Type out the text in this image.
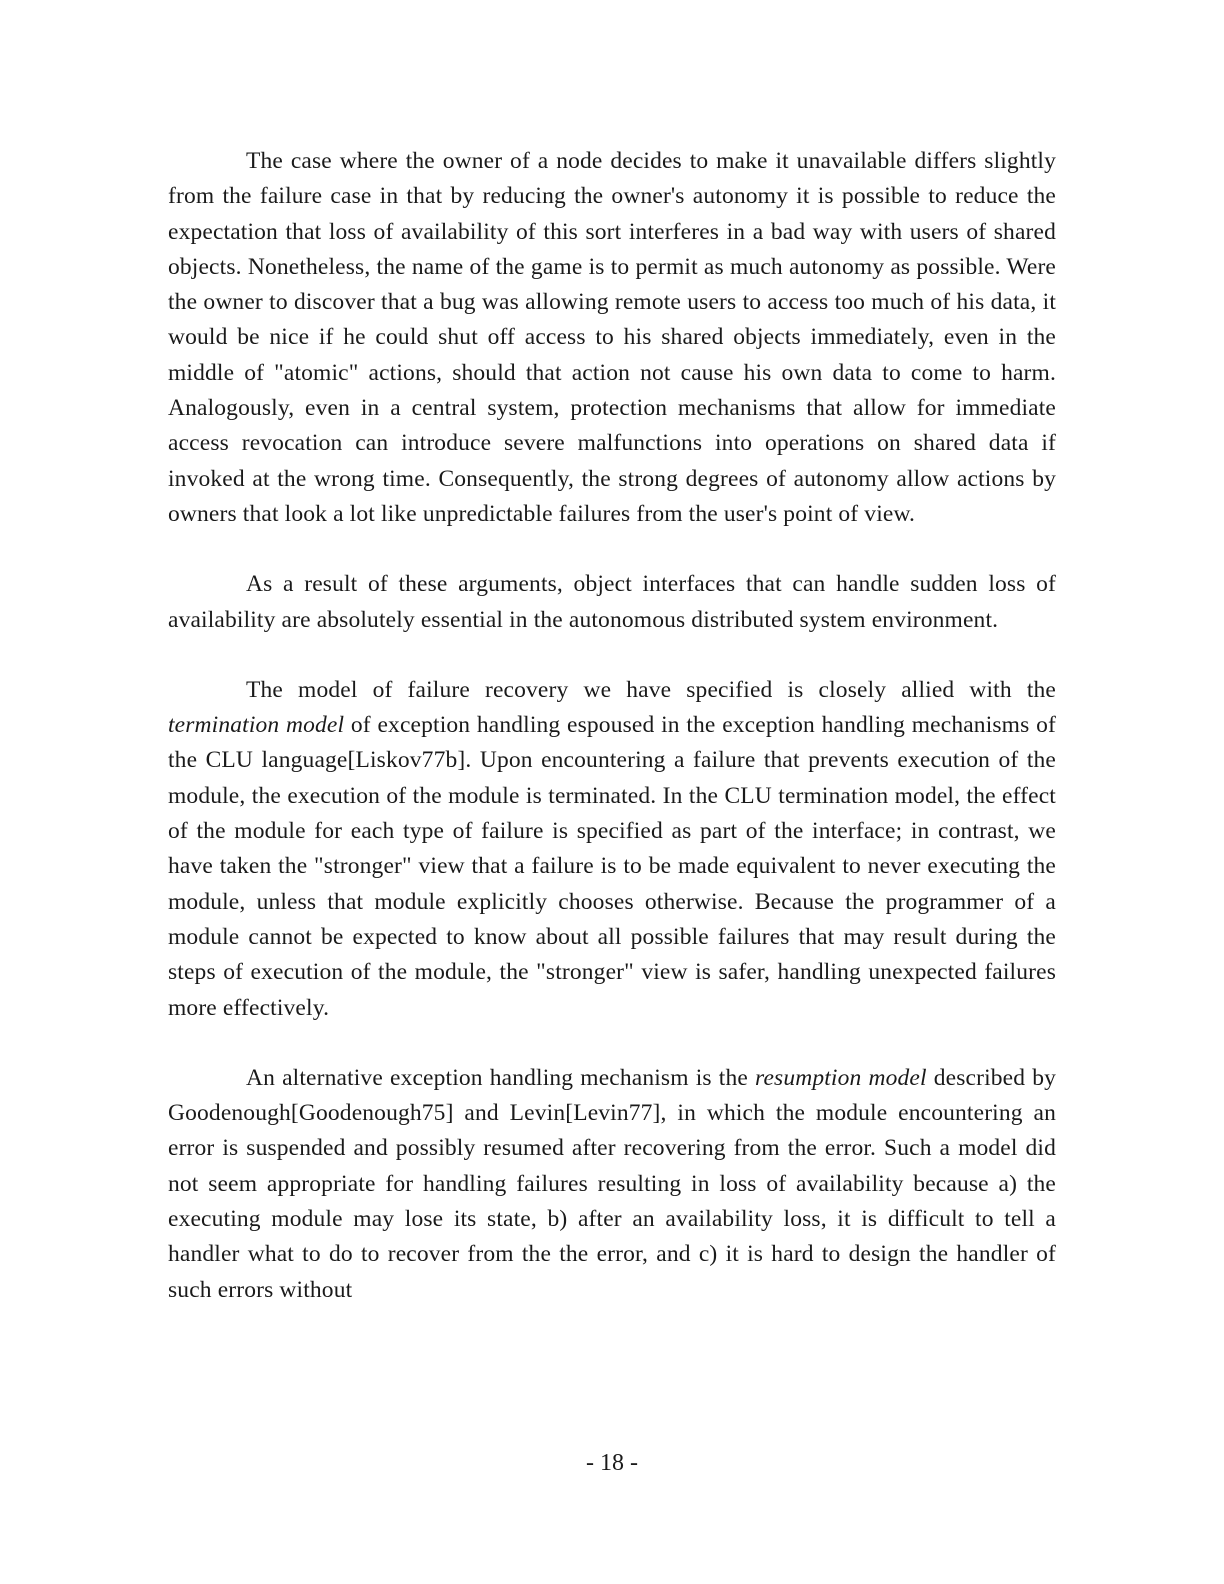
The case where the owner of a node decides to make it unavailable differs slightly from the failure case in that by reducing the owner's autonomy it is possible to reduce the expectation that loss of availability of this sort interferes in a bad way with users of shared objects. Nonetheless, the name of the game is to permit as much autonomy as possible. Were the owner to discover that a bug was allowing remote users to access too much of his data, it would be nice if he could shut off access to his shared objects immediately, even in the middle of "atomic" actions, should that action not cause his own data to come to harm. Analogously, even in a central system, protection mechanisms that allow for immediate access revocation can introduce severe malfunctions into operations on shared data if invoked at the wrong time. Consequently, the strong degrees of autonomy allow actions by owners that look a lot like unpredictable failures from the user's point of view.

As a result of these arguments, object interfaces that can handle sudden loss of availability are absolutely essential in the autonomous distributed system environment.

The model of failure recovery we have specified is closely allied with the termination model of exception handling espoused in the exception handling mechanisms of the CLU language[Liskov77b]. Upon encountering a failure that prevents execution of the module, the execution of the module is terminated. In the CLU termination model, the effect of the module for each type of failure is specified as part of the interface; in contrast, we have taken the "stronger" view that a failure is to be made equivalent to never executing the module, unless that module explicitly chooses otherwise. Because the programmer of a module cannot be expected to know about all possible failures that may result during the steps of execution of the module, the "stronger" view is safer, handling unexpected failures more effectively.

An alternative exception handling mechanism is the resumption model described by Goodenough[Goodenough75] and Levin[Levin77], in which the module encountering an error is suspended and possibly resumed after recovering from the error. Such a model did not seem appropriate for handling failures resulting in loss of availability because a) the executing module may lose its state, b) after an availability loss, it is difficult to tell a handler what to do to recover from the the error, and c) it is hard to design the handler of such errors without

- 18 -
